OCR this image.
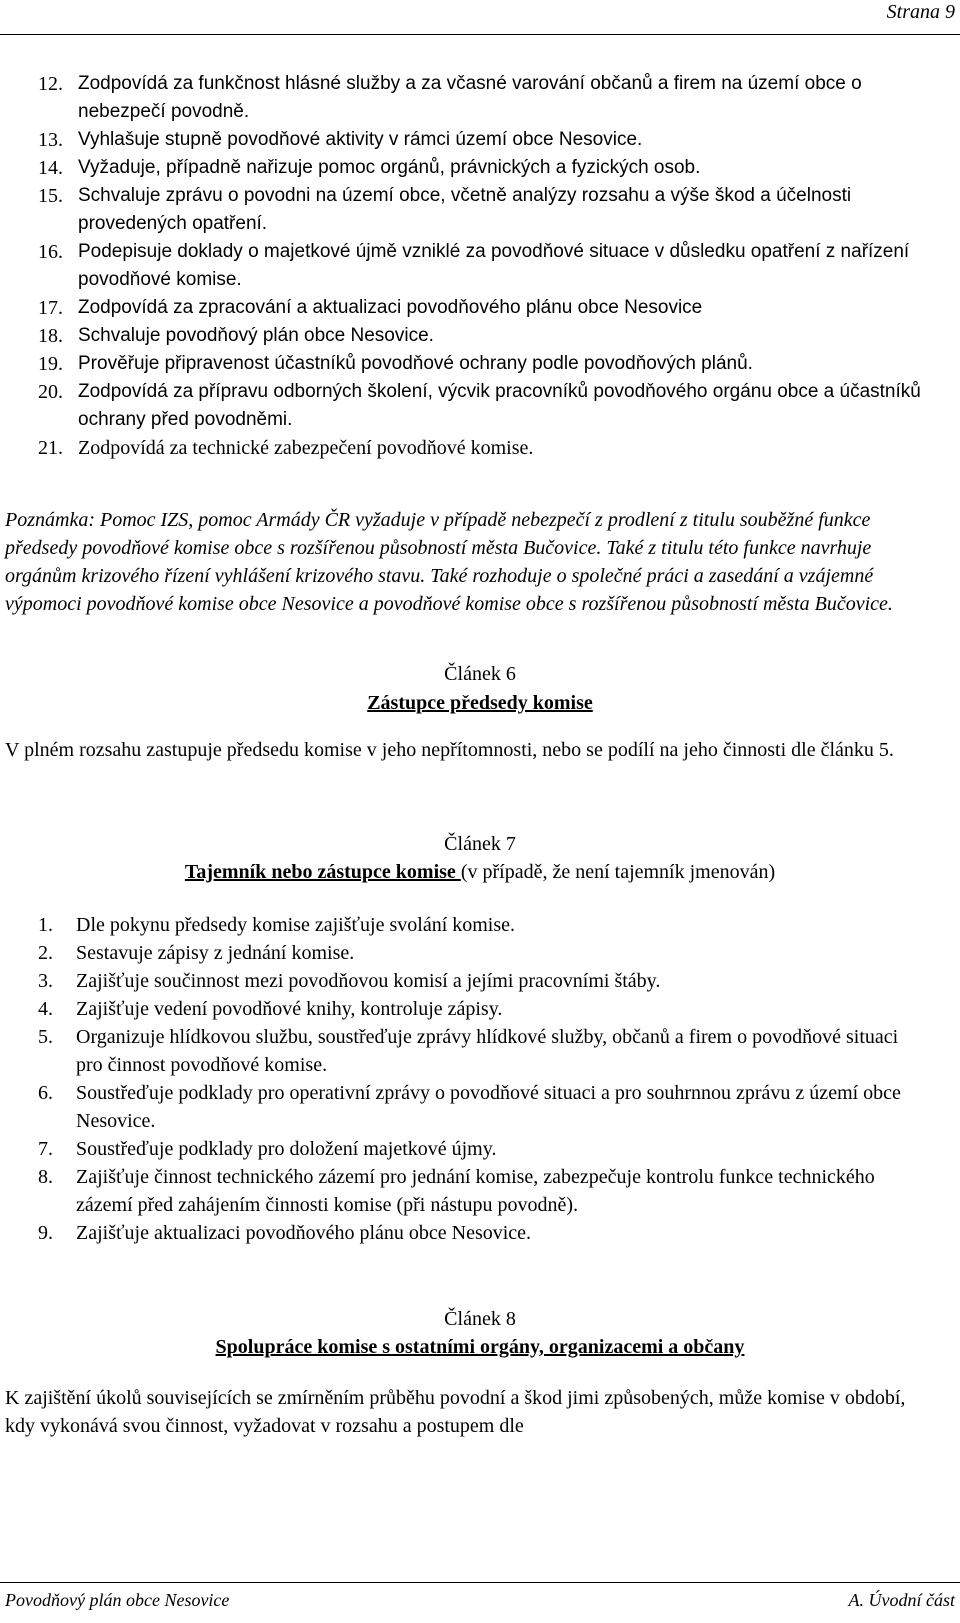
Strana 9
12. Zodpovídá za funkčnost hlásné služby a za včasné varování občanů a firem na území obce o nebezpečí povodně.
13. Vyhlašuje stupně povodňové aktivity v rámci území obce Nesovice.
14. Vyžaduje, případně nařizuje pomoc orgánů, právnických a fyzických osob.
15. Schvaluje zprávu o povodni na území obce, včetně analýzy rozsahu a výše škod a účelnosti provedených opatření.
16. Podepisuje doklady o majetkové újmě vzniklé za povodňové situace v důsledku opatření z nařízení povodňové komise.
17. Zodpovídá za zpracování a aktualizaci povodňového plánu obce Nesovice
18. Schvaluje povodňový plán obce Nesovice.
19. Prověřuje připravenost účastníků povodňové ochrany podle povodňových plánů.
20. Zodpovídá za přípravu odborných školení, výcvik pracovníků povodňového orgánu obce a účastníků ochrany před povodněmi.
21. Zodpovídá za technické zabezpečení povodňové komise.

Poznámka: Pomoc IZS, pomoc Armády ČR vyžaduje v případě nebezpečí z prodlení z titulu souběžné funkce předsedy povodňové komise obce s rozšířenou působností města Bučovice. Také z titulu této funkce navrhuje orgánům krizového řízení vyhlášení krizového stavu. Také rozhoduje o společné práci a zasedání a vzájemné výpomoci povodňové komise obce Nesovice a povodňové komise obce s rozšířenou působností města Bučovice.

Článek 6
Zástupce předsedy komise

V plném rozsahu zastupuje předsedu komise v jeho nepřítomnosti, nebo se podílí na jeho činnosti dle článku 5.

Článek 7
Tajemník nebo zástupce komise (v případě, že není tajemník jmenován)
1.	Dle pokynu předsedy komise zajišťuje svolání komise.
2.	Sestavuje zápisy z jednání komise.
3.	Zajišťuje součinnost mezi povodňovou komisí a jejími pracovními štáby.
4.	Zajišťuje vedení povodňové knihy, kontroluje zápisy.
5.	Organizuje hlídkovou službu, soustřeďuje zprávy hlídkové služby, občanů a firem o povodňové situaci pro činnost povodňové komise.
6.	Soustřeďuje podklady pro operativní zprávy o povodňové situaci a pro souhrnnou zprávu z území obce Nesovice.
7.	Soustřeďuje podklady pro doložení majetkové újmy.
8.	Zajišťuje činnost technického zázemí pro jednání komise, zabezpečuje kontrolu funkce technického zázemí před zahájením činnosti komise (při nástupu povodně).
9.	Zajišťuje aktualizaci povodňového plánu obce Nesovice.
Článek 8
Spolupráce komise s ostatními orgány, organizacemi a občany

K zajištění úkolů souvisejících se zmírněním průběhu povodní a škod jimi způsobených, může komise v období, kdy vykonává svou činnost, vyžadovat v rozsahu a postupem dle

Povodňový plán obce Nesovice	A. Úvodní část
